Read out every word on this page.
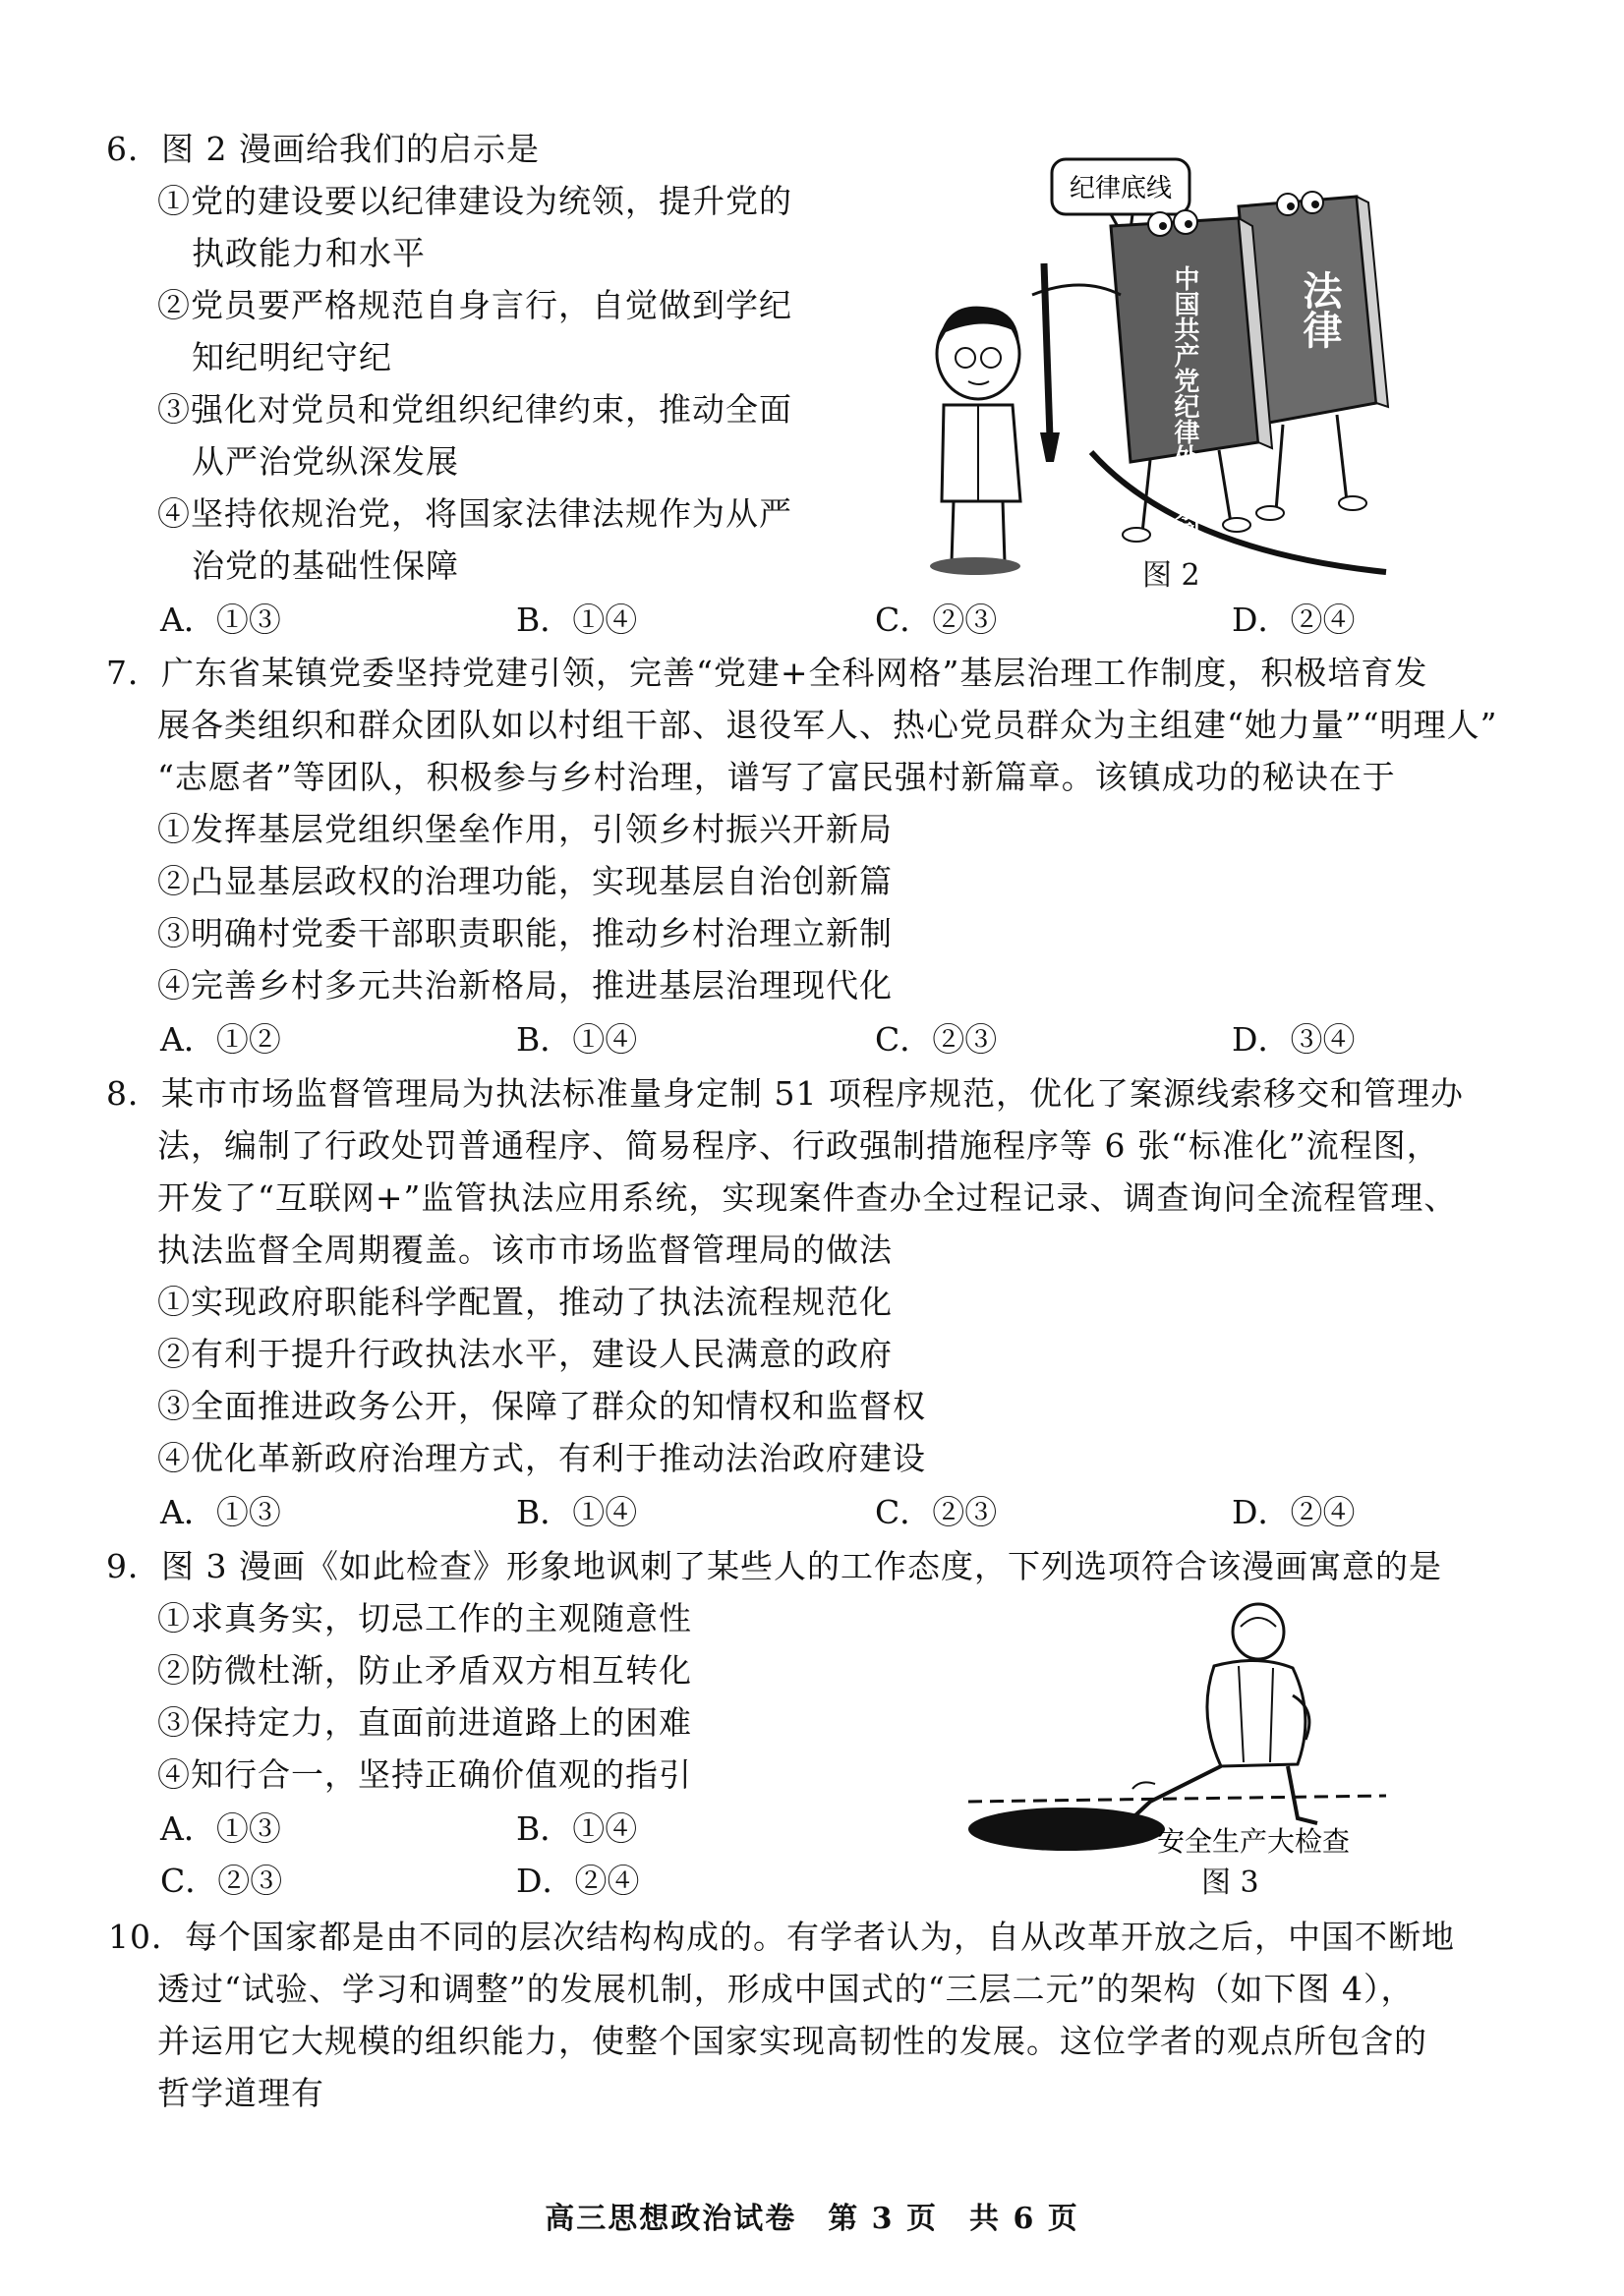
6．图 2 漫画给我们的启示是
①党的建设要以纪律建设为统领，提升党的
执政能力和水平
②党员要严格规范自身言行，自觉做到学纪
知纪明纪守纪
③强化对党员和党组织纪律约束，推动全面
从严治党纵深发展
④坚持依规治党，将国家法律法规作为从严
治党的基础性保障
A．①③	B．①④	C．②③	D．②④
纪律底线
法律
中国共产党纪律处分条例
图 2
7．广东省某镇党委坚持党建引领，完善“党建+全科网格”基层治理工作制度，积极培育发
展各类组织和群众团队如以村组干部、退役军人、热心党员群众为主组建“她力量”“明理人”
“志愿者”等团队，积极参与乡村治理，谱写了富民强村新篇章。该镇成功的秘诀在于
①发挥基层党组织堡垒作用，引领乡村振兴开新局
②凸显基层政权的治理功能，实现基层自治创新篇
③明确村党委干部职责职能，推动乡村治理立新制
④完善乡村多元共治新格局，推进基层治理现代化
A．①②	B．①④	C．②③	D．③④
8．某市市场监督管理局为执法标准量身定制 51 项程序规范，优化了案源线索移交和管理办
法，编制了行政处罚普通程序、简易程序、行政强制措施程序等 6 张“标准化”流程图，
开发了“互联网+”监管执法应用系统，实现案件查办全过程记录、调查询问全流程管理、
执法监督全周期覆盖。该市市场监督管理局的做法
①实现政府职能科学配置，推动了执法流程规范化
②有利于提升行政执法水平，建设人民满意的政府
③全面推进政务公开，保障了群众的知情权和监督权
④优化革新政府治理方式，有利于推动法治政府建设
A．①③	B．①④	C．②③	D．②④
9．图 3 漫画《如此检查》形象地讽刺了某些人的工作态度，下列选项符合该漫画寓意的是
①求真务实，切忌工作的主观随意性
②防微杜渐，防止矛盾双方相互转化
③保持定力，直面前进道路上的困难
④知行合一，坚持正确价值观的指引
A．①③	B．①④
C．②③	D．②④
安全生产大检查
图 3
10．每个国家都是由不同的层次结构构成的。有学者认为，自从改革开放之后，中国不断地
透过“试验、学习和调整”的发展机制，形成中国式的“三层二元”的架构（如下图 4），
并运用它大规模的组织能力，使整个国家实现高韧性的发展。这位学者的观点所包含的
哲学道理有
高三思想政治试卷　第 3 页　共 6 页
